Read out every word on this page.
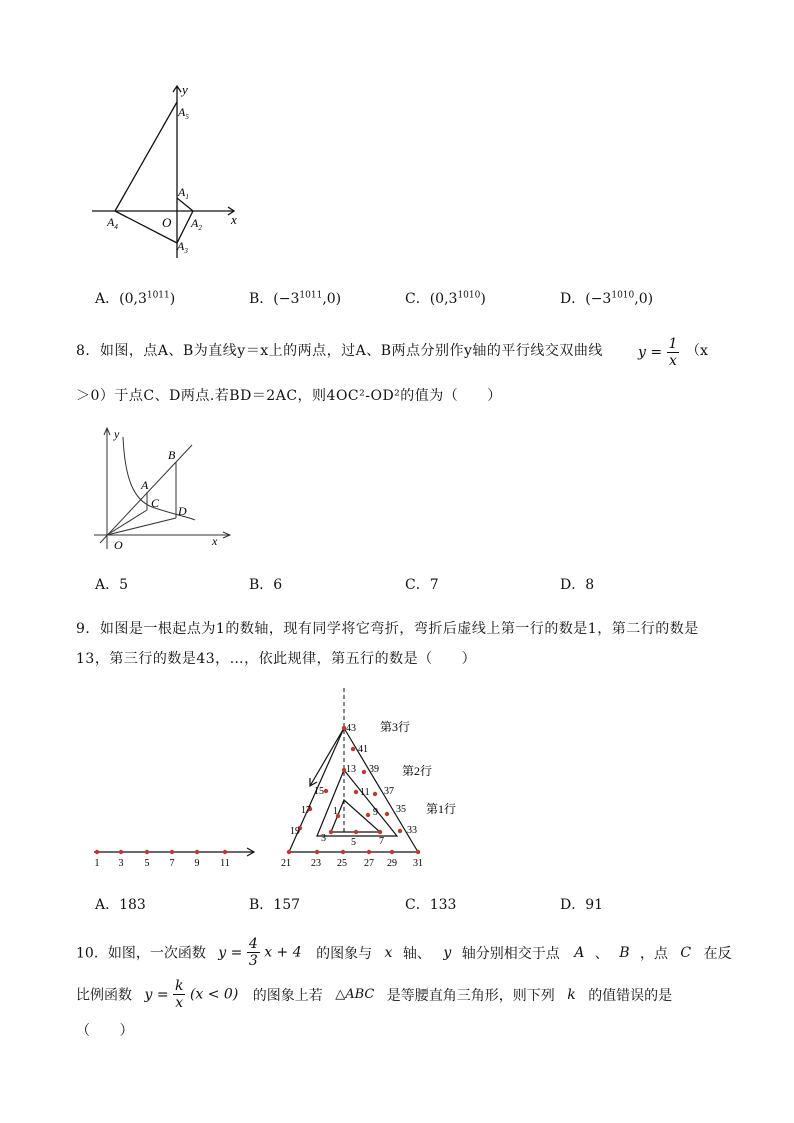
y
x
O
$A_5$
$A_1$
$A_4$	$A_2$
$A_3$
A．$(0,3^{1011})$	B．$(-3^{1011},0)$	C．$(0,3^{1010})$	D．$(-3^{1010},0)$
8．如图，点A、B为直线y＝x上的两点，过A、B两点分别作y轴的平行线交双曲线	$y = \frac{1}{x} (x$
＞0）于点C、D两点.若BD＝2AC，则4OC²-OD²的值为（　　）
y
x
O
A
B
C
D
A．5	B．6	C．7	D．8
9．如图是一根起点为1的数轴，现有同学将它弯折，弯折后虚线上第一行的数是1，第二行的数是
13，第三行的数是43，…，依此规律，第五行的数是（　　）
1 3 5 7 9 11
43
41
39
37
35
33
31
29
27
25
23
21
19
17
15
13
11
9
7
5
3
1
第3行
第2行
第1行
A．183	B．157	C．133	D．91
10．如图，一次函数 $y = \frac{4}{3}$ x + 4 的图象与 x 轴、 y 轴分别相交于点 A 、 B ，点 C 在反
比例函数 $y = \frac{k}{x} (x < 0)$ 的图象上若 △ABC 是等腰直角三角形，则下列 k 的值错误的是
（　　）
